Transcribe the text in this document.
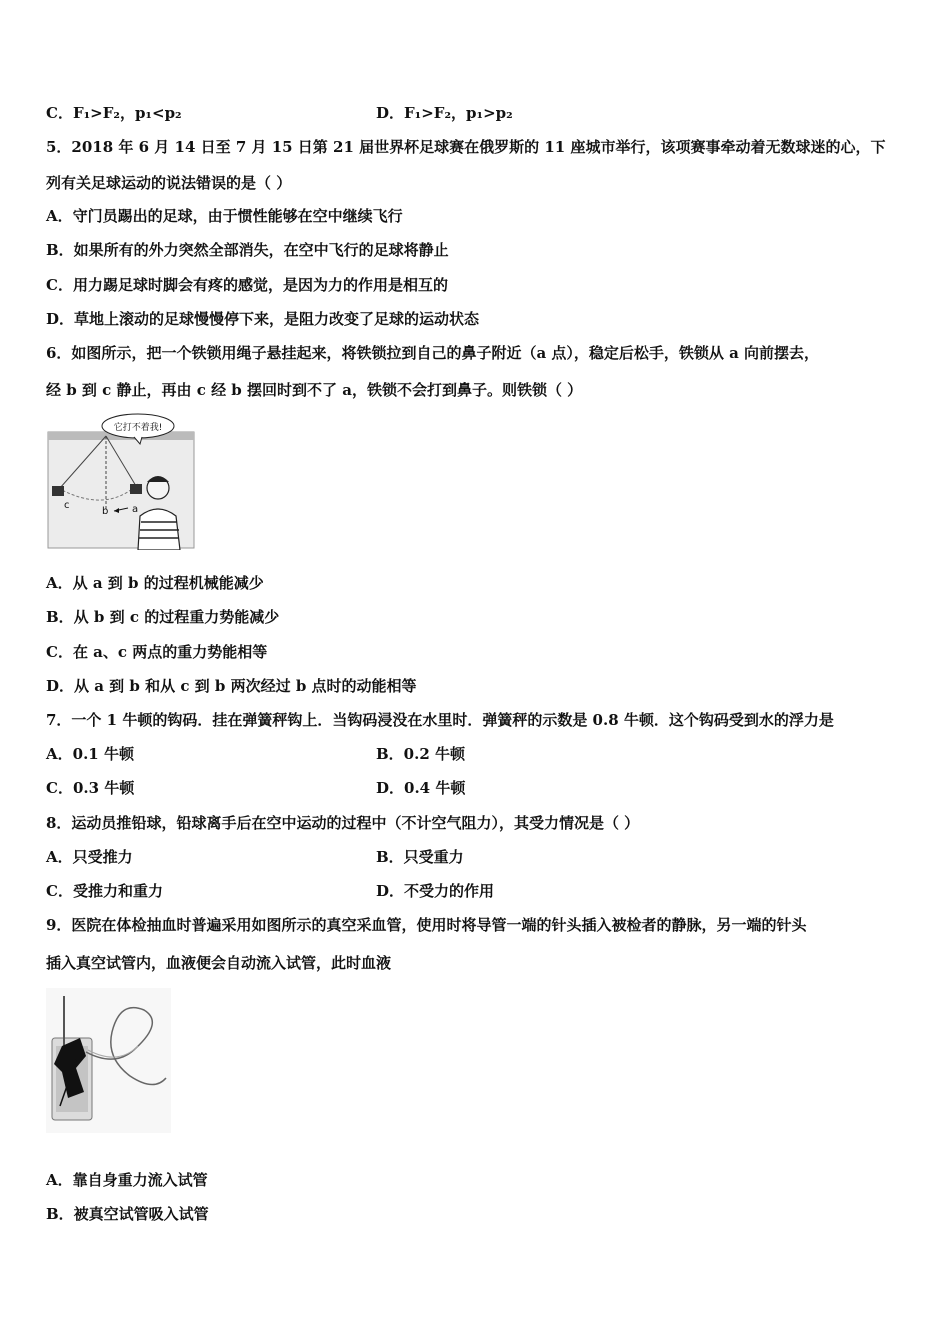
C．F₁>F₂，p₁<p₂	D．F₁>F₂，p₁>p₂
5．2018 年 6 月 14 日至 7 月 15 日第 21 届世界杯足球赛在俄罗斯的 11 座城市举行，该项赛事牵动着无数球迷的心，下
列有关足球运动的说法错误的是（ ）
A．守门员踢出的足球，由于惯性能够在空中继续飞行
B．如果所有的外力突然全部消失，在空中飞行的足球将静止
C．用力踢足球时脚会有疼的感觉，是因为力的作用是相互的
D．草地上滚动的足球慢慢停下来，是阻力改变了足球的运动状态
6．如图所示，把一个铁锁用绳子悬挂起来，将铁锁拉到自己的鼻子附近（a 点），稳定后松手，铁锁从 a 向前摆去，
经 b 到 c 静止，再由 c 经 b 摆回时到不了 a，铁锁不会打到鼻子。则铁锁（ ）
它打不着我!
c
b a
A．从 a 到 b 的过程机械能减少
B．从 b 到 c 的过程重力势能减少
C．在 a、c 两点的重力势能相等
D．从 a 到 b 和从 c 到 b 两次经过 b 点时的动能相等
7．一个 1 牛顿的钩码．挂在弹簧秤钩上．当钩码浸没在水里时．弹簧秤的示数是 0.8 牛顿．这个钩码受到水的浮力是
A．0.1 牛顿	B．0.2 牛顿
C．0.3 牛顿	D．0.4 牛顿
8．运动员推铅球，铅球离手后在空中运动的过程中（不计空气阻力），其受力情况是（ ）
A．只受推力	B．只受重力
C．受推力和重力	D．不受力的作用
9．医院在体检抽血时普遍采用如图所示的真空采血管，使用时将导管一端的针头插入被检者的静脉，另一端的针头
插入真空试管内，血液便会自动流入试管，此时血液
A．靠自身重力流入试管
B．被真空试管吸入试管
